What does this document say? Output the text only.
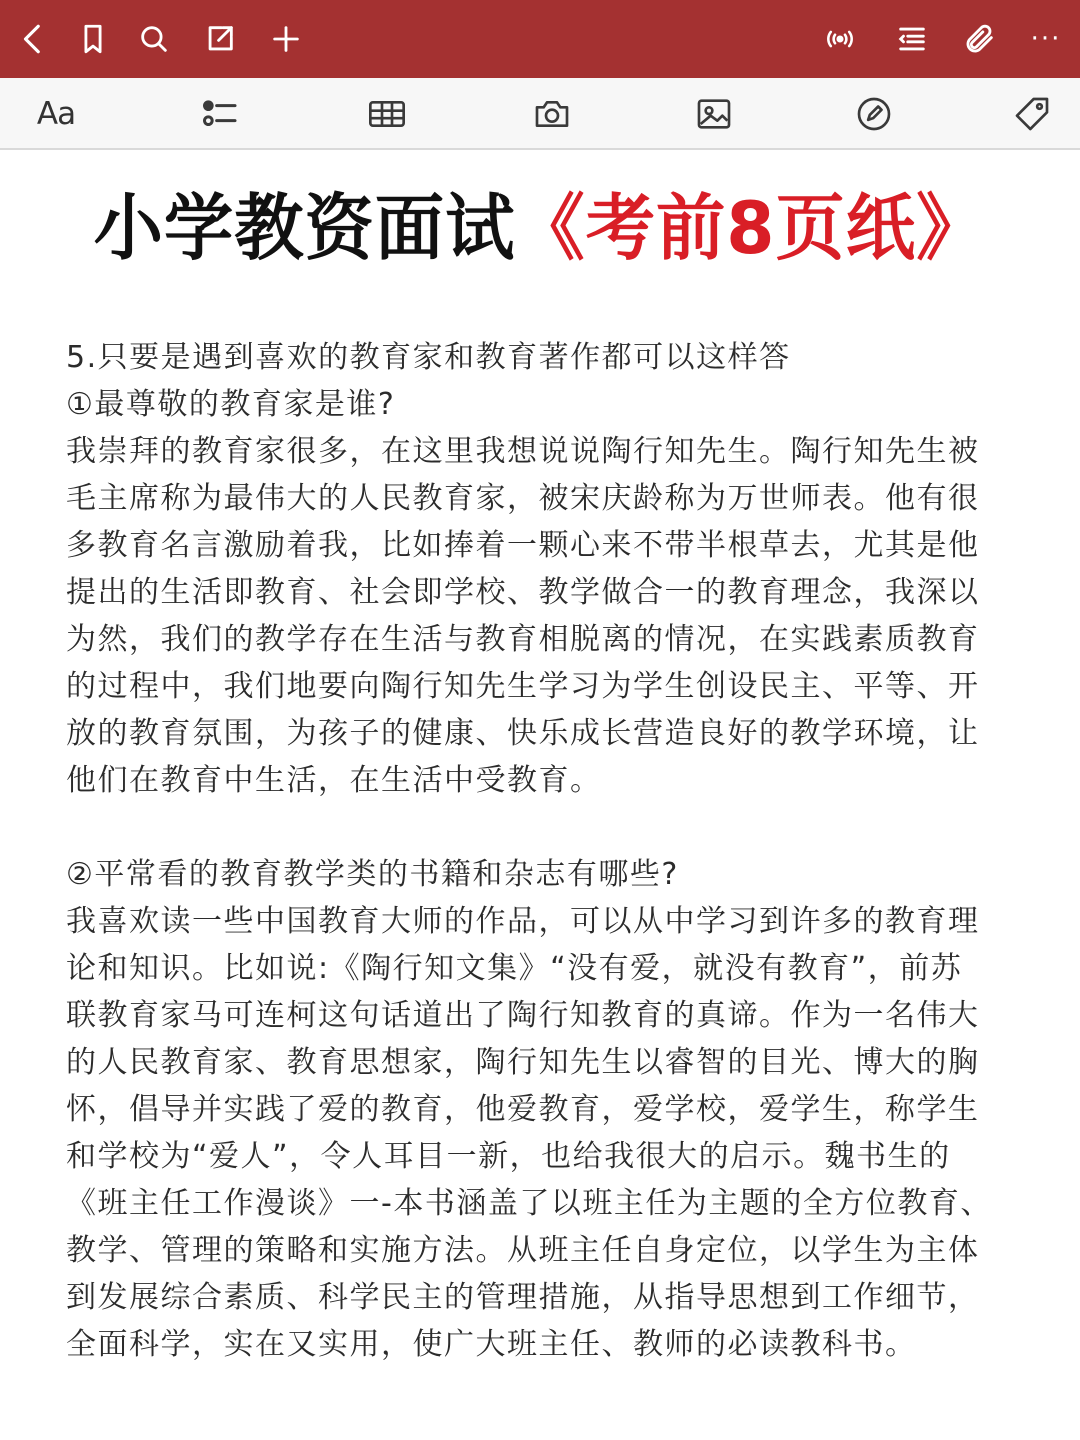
···
Aa
小学教资面试《考前8页纸》
5.只要是遇到喜欢的教育家和教育著作都可以这样答
①最尊敬的教育家是谁?
我崇拜的教育家很多，在这里我想说说陶行知先生。陶行知先生被
毛主席称为最伟大的人民教育家，被宋庆龄称为万世师表。他有很
多教育名言激励着我，比如捧着一颗心来不带半根草去，尤其是他
提出的生活即教育、社会即学校、教学做合一的教育理念，我深以
为然，我们的教学存在生活与教育相脱离的情况，在实践素质教育
的过程中，我们地要向陶行知先生学习为学生创设民主、平等、开
放的教育氛围，为孩子的健康、快乐成长营造良好的教学环境，让
他们在教育中生活，在生活中受教育。
②平常看的教育教学类的书籍和杂志有哪些?
我喜欢读一些中国教育大师的作品，可以从中学习到许多的教育理
论和知识。比如说:《陶行知文集》“没有爱，就没有教育”，前苏
联教育家马可连柯这句话道出了陶行知教育的真谛。作为一名伟大
的人民教育家、教育思想家，陶行知先生以睿智的目光、博大的胸
怀，倡导并实践了爱的教育，他爱教育，爱学校，爱学生，称学生
和学校为“爱人”，令人耳目一新，也给我很大的启示。魏书生的
《班主任工作漫谈》一-本书涵盖了以班主任为主题的全方位教育、
教学、管理的策略和实施方法。从班主任自身定位，以学生为主体
到发展综合素质、科学民主的管理措施，从指导思想到工作细节，
全面科学，实在又实用，使广大班主任、教师的必读教科书。
